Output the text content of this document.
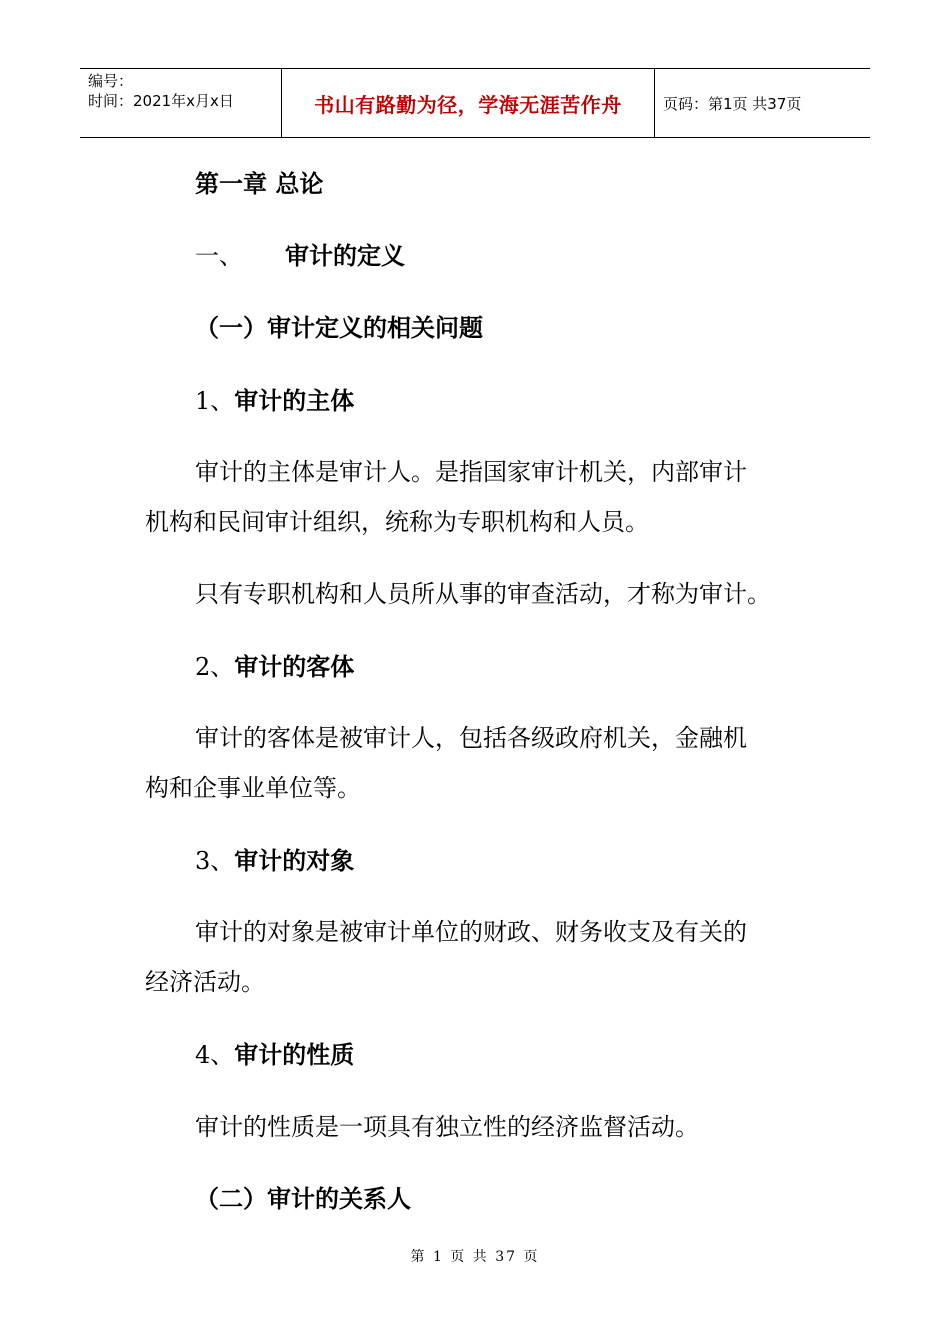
编号：
时间：2021年x月x日	书山有路勤为径，学海无涯苦作舟	页码：第1页 共37页
第一章 总论
一、 审计的定义
（一）审计定义的相关问题
1、审计的主体
审计的主体是审计人。是指国家审计机关，内部审计
机构和民间审计组织，统称为专职机构和人员。
只有专职机构和人员所从事的审查活动，才称为审计。
2、审计的客体
审计的客体是被审计人，包括各级政府机关，金融机
构和企事业单位等。
3、审计的对象
审计的对象是被审计单位的财政、财务收支及有关的
经济活动。
4、审计的性质
审计的性质是一项具有独立性的经济监督活动。
（二）审计的关系人
第 1 页 共 37 页
